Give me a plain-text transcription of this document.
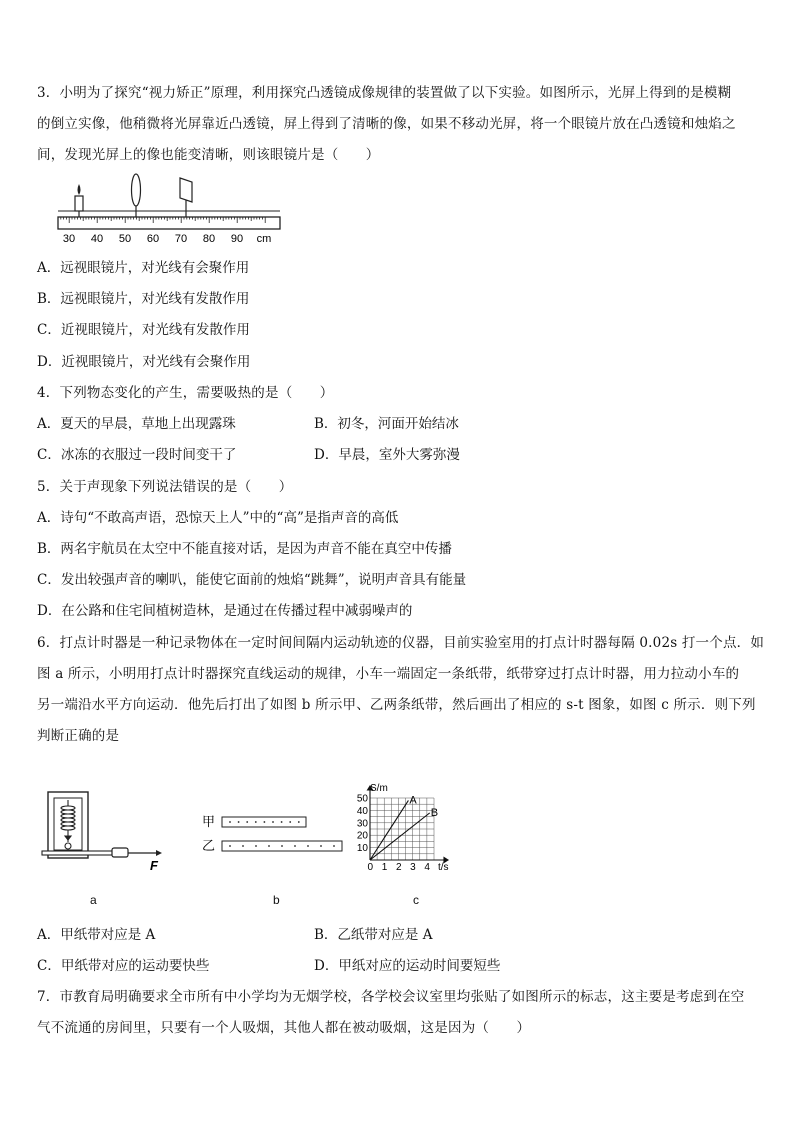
3．小明为了探究“视力矫正”原理，利用探究凸透镜成像规律的装置做了以下实验。如图所示，光屏上得到的是模糊
的倒立实像，他稍微将光屏靠近凸透镜，屏上得到了清晰的像，如果不移动光屏，将一个眼镜片放在凸透镜和烛焰之
间，发现光屏上的像也能变清晰，则该眼镜片是（　　）
30 40 50 60 70 80 90 cm
A．远视眼镜片，对光线有会聚作用
B．远视眼镜片，对光线有发散作用
C．近视眼镜片，对光线有发散作用
D．近视眼镜片，对光线有会聚作用
4．下列物态变化的产生，需要吸热的是（　　）
A．夏天的早晨，草地上出现露珠	B．初冬，河面开始结冰
C．冰冻的衣服过一段时间变干了	D．早晨，室外大雾弥漫
5．关于声现象下列说法错误的是（　　）
A．诗句“不敢高声语，恐惊天上人”中的“高”是指声音的高低
B．两名宇航员在太空中不能直接对话，是因为声音不能在真空中传播
C．发出较强声音的喇叭，能使它面前的烛焰“跳舞”，说明声音具有能量
D．在公路和住宅间植树造林，是通过在传播过程中减弱噪声的
6．打点计时器是一种记录物体在一定时间间隔内运动轨迹的仪器，目前实验室用的打点计时器每隔 0.02s 打一个点．如
图 a 所示，小明用打点计时器探究直线运动的规律，小车一端固定一条纸带，纸带穿过打点计时器，用力拉动小车的
另一端沿水平方向运动．他先后打出了如图 b 所示甲、乙两条纸带，然后画出了相应的 s-t 图象，如图 c 所示．则下列
判断正确的是
F
a
甲
乙
b
A
B
0 1 2 3 4
10
20
30
40
50
S/m
t/s
c
A．甲纸带对应是 A	B．乙纸带对应是 A
C．甲纸带对应的运动要快些	D．甲纸对应的运动时间要短些
7．市教育局明确要求全市所有中小学均为无烟学校，各学校会议室里均张贴了如图所示的标志，这主要是考虑到在空
气不流通的房间里，只要有一个人吸烟，其他人都在被动吸烟，这是因为（　　）
